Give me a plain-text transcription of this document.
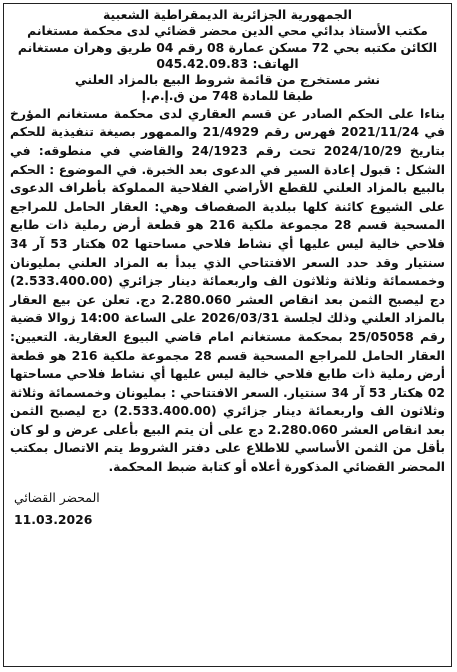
الجمهورية الجزائرية الديمقراطية الشعبية
مكتب الأستاذ بدائي محي الدين محضر قضائي لدى محكمة مستغانم
الكائن مكتبه بحي 72 مسكن عمارة 08 رقم 04 طريق وهران مستغانم
الهاتف: 045.42.09.83
نشر مستخرج من قائمة شروط البيع بالمزاد العلني
طبقا للمادة 748 من ق.إ.م.إ
بناءا على الحكم الصادر عن قسم العقاري لدى محكمة مستغانم المؤرخ في 2021/11/24 فهرس رقم 21/4929 والممهور بصيغة تنفيذية للحكم بتاريخ 2024/10/29 تحت رقم 24/1923 والقاضي في منطوقه: في الشكل : قبول إعادة السير في الدعوى بعد الخبرة. في الموضوع : الحكم بالبيع بالمزاد العلني للقطع الأراضي الفلاحية المملوكة بأطراف الدعوى على الشيوع كائنة كلها ببلدية الصفصاف وهي: العقار الحامل للمراجع المسحية قسم 28 مجموعة ملكية 216 هو قطعة أرض رملية ذات طابع فلاحي خالية ليس عليها أي نشاط فلاحي مساحتها 02 هكتار 53 آر 34 سنتيار وقد حدد السعر الافتتاحي الذي يبدأ به المزاد العلني بمليونان وخمسمائة وثلاثة وثلاثون الف واربعمائة دينار جزائري (2.533.400.00) دج ليصبح الثمن بعد انقاص العشر 2.280.060 دج. تعلن عن بيع العقار بالمزاد العلني وذلك لجلسة 2026/03/31 على الساعة 14:00 زوالا قضية رقم 25/05058 بمحكمة مستغانم امام قاضي البيوع العقارية. التعيين: العقار الحامل للمراجع المسحية قسم 28 مجموعة ملكية 216 هو قطعة أرض رملية ذات طابع فلاحي خالية ليس عليها أي نشاط فلاحي مساحتها 02 هكتار 53 آر 34 سنتيار. السعر الافتتاحي : بمليونان وخمسمائة وثلاثة وثلاثون الف واربعمائة دينار جزائري (2.533.400.00) دج ليصبح الثمن بعد انقاص العشر 2.280.060 دج على أن يتم البيع بأعلى عرض و لو كان بأقل من الثمن الأساسي للاطلاع على دفتر الشروط يتم الاتصال بمكتب المحضر القضائي المذكورة أعلاه أو كتابة ضبط المحكمة.
المحضر القضائي
11.03.2026
